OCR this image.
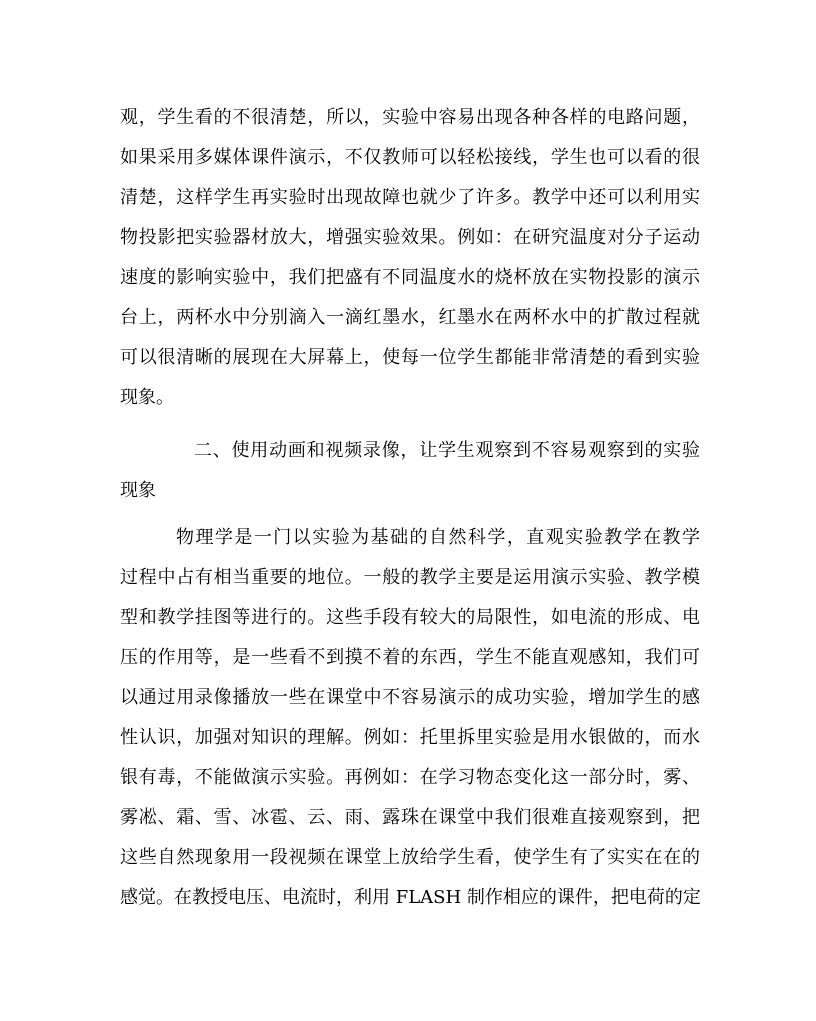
观，学生看的不很清楚，所以，实验中容易出现各种各样的电路问题，
如果采用多媒体课件演示，不仅教师可以轻松接线，学生也可以看的很
清楚，这样学生再实验时出现故障也就少了许多。教学中还可以利用实
物投影把实验器材放大，增强实验效果。例如：在研究温度对分子运动
速度的影响实验中，我们把盛有不同温度水的烧杯放在实物投影的演示
台上，两杯水中分别滴入一滴红墨水，红墨水在两杯水中的扩散过程就
可以很清晰的展现在大屏幕上，使每一位学生都能非常清楚的看到实验
现象。
二、使用动画和视频录像，让学生观察到不容易观察到的实验
现象
物理学是一门以实验为基础的自然科学，直观实验教学在教学
过程中占有相当重要的地位。一般的教学主要是运用演示实验、教学模
型和教学挂图等进行的。这些手段有较大的局限性，如电流的形成、电
压的作用等，是一些看不到摸不着的东西，学生不能直观感知，我们可
以通过用录像播放一些在课堂中不容易演示的成功实验，增加学生的感
性认识，加强对知识的理解。例如：托里拆里实验是用水银做的，而水
银有毒，不能做演示实验。再例如：在学习物态变化这一部分时，雾、
雾凇、霜、雪、冰雹、云、雨、露珠在课堂中我们很难直接观察到，把
这些自然现象用一段视频在课堂上放给学生看，使学生有了实实在在的
感觉。在教授电压、电流时，利用 FLASH 制作相应的课件，把电荷的定
